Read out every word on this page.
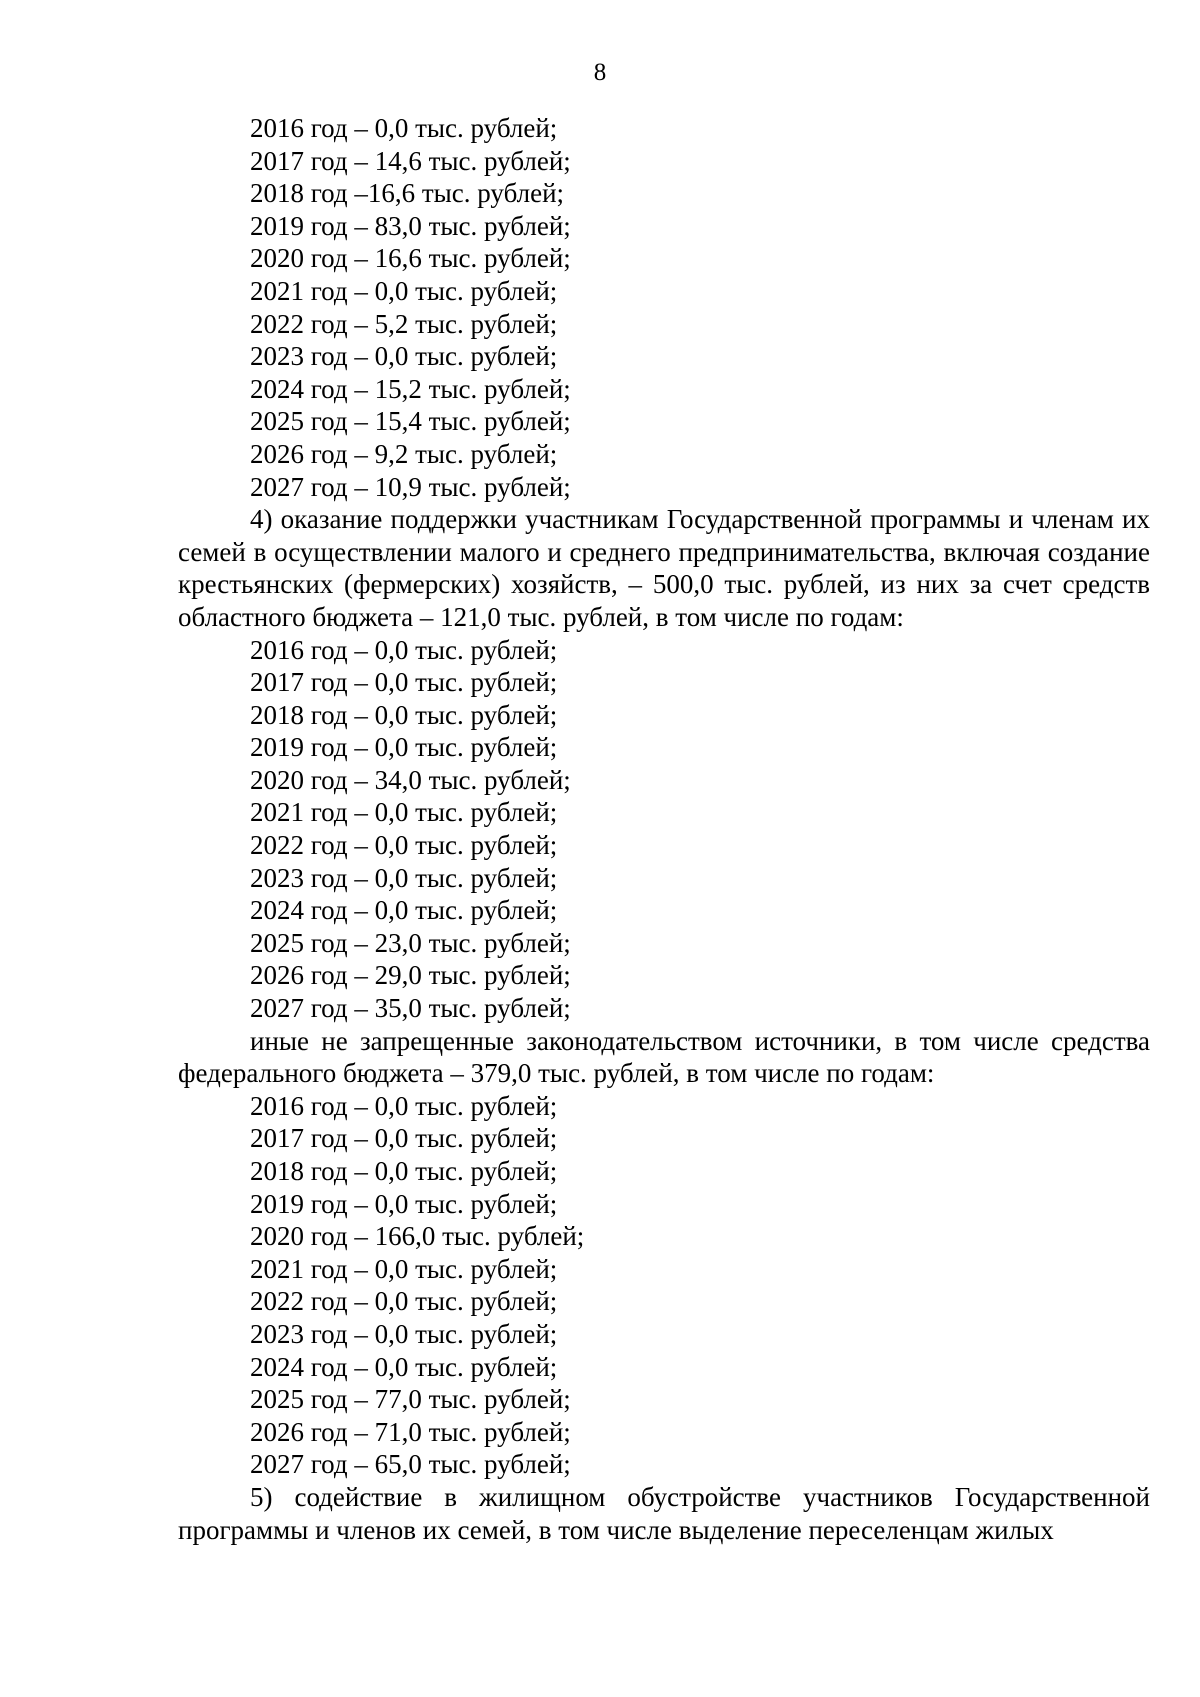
8
2016 год – 0,0 тыс. рублей;
2017 год – 14,6 тыс. рублей;
2018 год –16,6 тыс. рублей;
2019 год – 83,0 тыс. рублей;
2020 год – 16,6 тыс. рублей;
2021 год – 0,0 тыс. рублей;
2022 год – 5,2 тыс. рублей;
2023 год – 0,0 тыс. рублей;
2024 год – 15,2 тыс. рублей;
2025 год – 15,4 тыс. рублей;
2026 год – 9,2 тыс. рублей;
2027 год – 10,9 тыс. рублей;

4) оказание поддержки участникам Государственной программы и членам их семей в осуществлении малого и среднего предпринимательства, включая создание крестьянских (фермерских) хозяйств, – 500,0 тыс. рублей, из них за счет средств областного бюджета – 121,0 тыс. рублей, в том числе по годам:

2016 год – 0,0 тыс. рублей;
2017 год – 0,0 тыс. рублей;
2018 год – 0,0 тыс. рублей;
2019 год – 0,0 тыс. рублей;
2020 год – 34,0 тыс. рублей;
2021 год – 0,0 тыс. рублей;
2022 год – 0,0 тыс. рублей;
2023 год – 0,0 тыс. рублей;
2024 год – 0,0 тыс. рублей;
2025 год – 23,0 тыс. рублей;
2026 год – 29,0 тыс. рублей;
2027 год – 35,0 тыс. рублей;

иные не запрещенные законодательством источники, в том числе средства федерального бюджета – 379,0 тыс. рублей, в том числе по годам:

2016 год – 0,0 тыс. рублей;
2017 год – 0,0 тыс. рублей;
2018 год – 0,0 тыс. рублей;
2019 год – 0,0 тыс. рублей;
2020 год – 166,0 тыс. рублей;
2021 год – 0,0 тыс. рублей;
2022 год – 0,0 тыс. рублей;
2023 год – 0,0 тыс. рублей;
2024 год – 0,0 тыс. рублей;
2025 год – 77,0 тыс. рублей;
2026 год – 71,0 тыс. рублей;
2027 год – 65,0 тыс. рублей;

5) содействие в жилищном обустройстве участников Государственной программы и членов их семей, в том числе выделение переселенцам жилых
